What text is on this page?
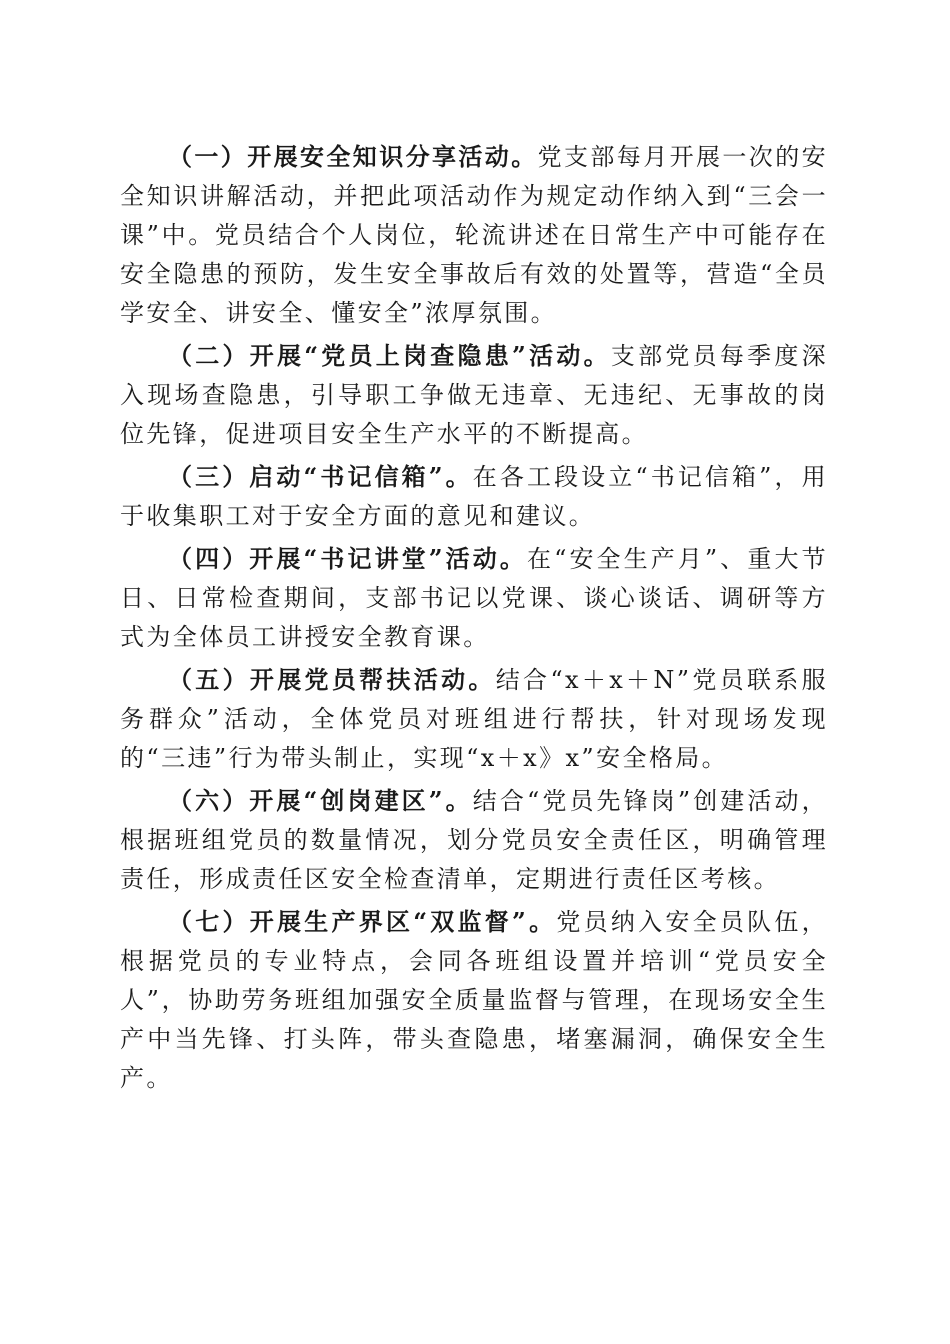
（一）开展安全知识分享活动。党支部每月开展一次的安全知识讲解活动，并把此项活动作为规定动作纳入到“三会一课”中。党员结合个人岗位，轮流讲述在日常生产中可能存在安全隐患的预防，发生安全事故后有效的处置等，营造“全员学安全、讲安全、懂安全”浓厚氛围。

（二）开展“党员上岗查隐患”活动。支部党员每季度深入现场查隐患，引导职工争做无违章、无违纪、无事故的岗位先锋，促进项目安全生产水平的不断提高。

（三）启动“书记信箱”。在各工段设立“书记信箱”，用于收集职工对于安全方面的意见和建议。

（四）开展“书记讲堂”活动。在“安全生产月”、重大节日、日常检查期间，支部书记以党课、谈心谈话、调研等方式为全体员工讲授安全教育课。

（五）开展党员帮扶活动。结合“x＋x＋N”党员联系服务群众”活动，全体党员对班组进行帮扶，针对现场发现的“三违”行为带头制止，实现“x＋x》x”安全格局。

（六）开展“创岗建区”。结合“党员先锋岗”创建活动，根据班组党员的数量情况，划分党员安全责任区，明确管理责任，形成责任区安全检查清单，定期进行责任区考核。

（七）开展生产界区“双监督”。党员纳入安全员队伍，根据党员的专业特点，会同各班组设置并培训“党员安全人”，协助劳务班组加强安全质量监督与管理，在现场安全生产中当先锋、打头阵，带头查隐患，堵塞漏洞，确保安全生产。
